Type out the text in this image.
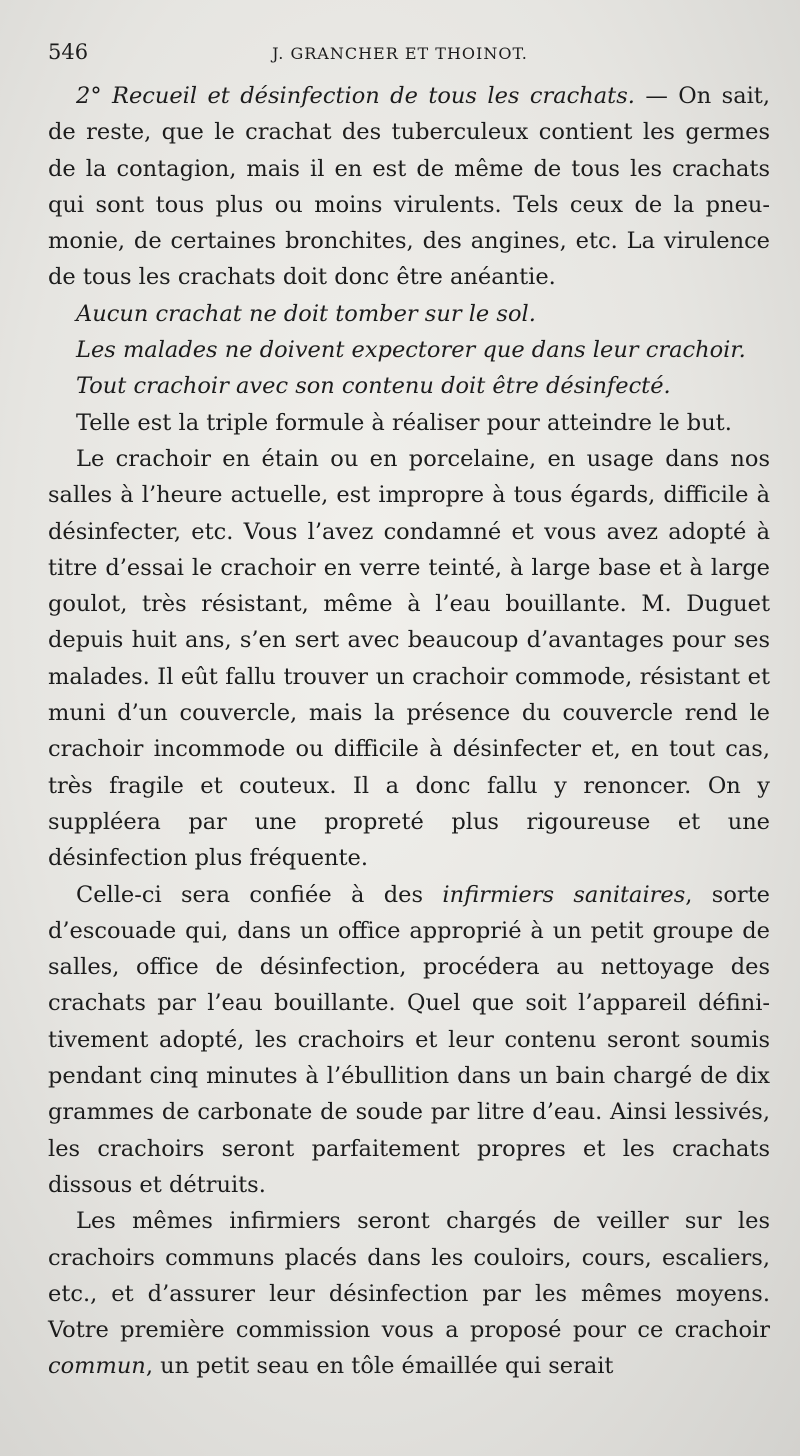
546	J. GRANCHER ET THOINOT.

2° Recueil et désinfection de tous les crachats. — On sait, de reste, que le crachat des tuberculeux contient les germes de la contagion, mais il en est de même de tous les crachats qui sont tous plus ou moins virulents. Tels ceux de la pneumonie, de certaines bronchites, des angines, etc. La virulence de tous les crachats doit donc être anéantie.

Aucun crachat ne doit tomber sur le sol.

Les malades ne doivent expectorer que dans leur crachoir.

Tout crachoir avec son contenu doit être désinfecté.

Telle est la triple formule à réaliser pour atteindre le but.

Le crachoir en étain ou en porcelaine, en usage dans nos salles à l’heure actuelle, est impropre à tous égards, difficile à désinfecter, etc. Vous l’avez condamné et vous avez adopté à titre d’essai le crachoir en verre teinté, à large base et à large goulot, très résistant, même à l’eau bouillante. M. Duguet depuis huit ans, s’en sert avec beaucoup d’avantages pour ses malades. Il eût fallu trouver un crachoir commode, résistant et muni d’un couvercle, mais la présence du couvercle rend le crachoir incommode ou difficile à désinfecter et, en tout cas, très fragile et couteux. Il a donc fallu y renoncer. On y suppléera par une propreté plus rigoureuse et une désinfection plus fréquente.

Celle-ci sera confiée à des infirmiers sanitaires, sorte d’escouade qui, dans un office approprié à un petit groupe de salles, office de désinfection, procédera au nettoyage des crachats par l’eau bouillante. Quel que soit l’appareil définitivement adopté, les crachoirs et leur contenu seront soumis pendant cinq minutes à l’ébullition dans un bain chargé de dix grammes de carbonate de soude par litre d’eau. Ainsi lessivés, les crachoirs seront parfaitement propres et les crachats dissous et détruits.

Les mêmes infirmiers seront chargés de veiller sur les crachoirs communs placés dans les couloirs, cours, escaliers, etc., et d’assurer leur désinfection par les mêmes moyens. Votre première commission vous a proposé pour ce crachoir commun, un petit seau en tôle émaillée qui serait
